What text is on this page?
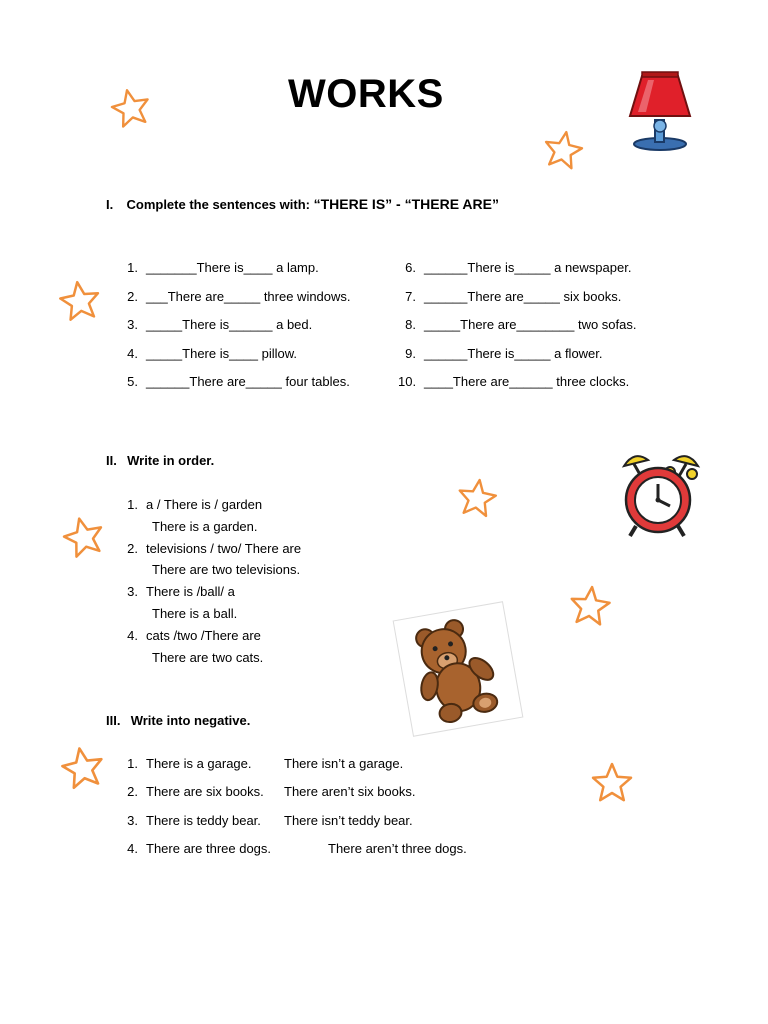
WORKS
I. Complete the sentences with: “THERE IS” - “THERE ARE”
1. _______There is____ a lamp.
2. ___There are_____ three windows.
3. _____There is______ a bed.
4. _____There is____ pillow.
5. ______There are_____ four tables.
6. ______There is_____ a newspaper.
7. ______There are_____ six books.
8. _____There are________ two sofas.
9. ______There is_____ a flower.
10. ____There are______ three clocks.
II. Write in order.
1. a / There is / garden
There is a garden.
2. televisions / two/ There are
There are two televisions.
3. There is /ball/ a
There is a ball.
4. cats /two /There are
There are two cats.
III. Write into negative.
1. There is a garage. There isn’t a garage.
2. There are six books. There aren’t six books.
3. There is teddy bear. There isn’t teddy bear.
4. There are three dogs.	There aren’t three dogs.
